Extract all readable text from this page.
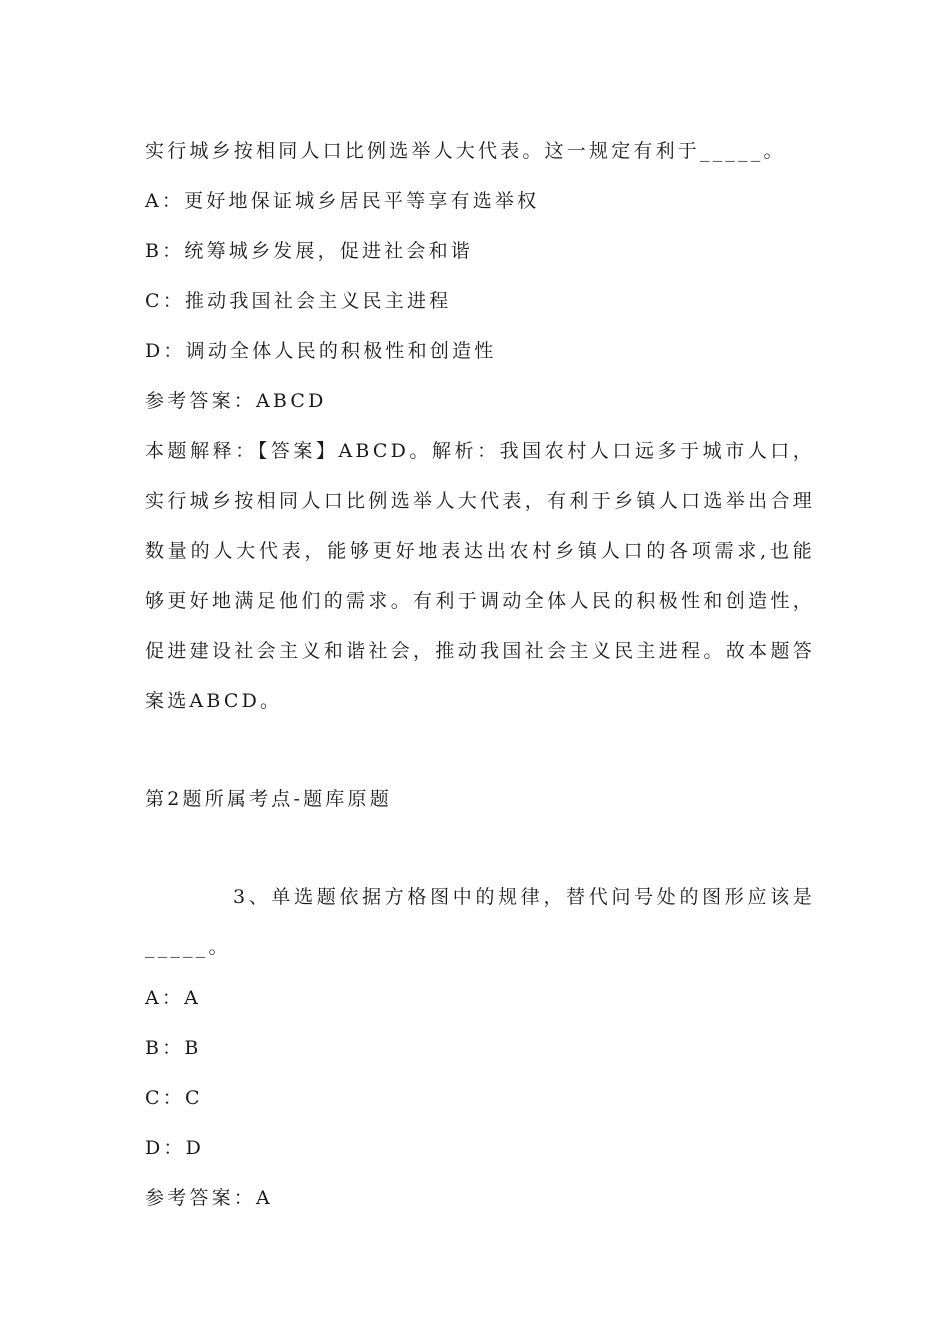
实行城乡按相同人口比例选举人大代表。这一规定有利于_____。
A：更好地保证城乡居民平等享有选举权
B：统筹城乡发展，促进社会和谐
C：推动我国社会主义民主进程
D：调动全体人民的积极性和创造性
参考答案：ABCD
本题解释：【答案】ABCD。解析：我国农村人口远多于城市人口，实行城乡按相同人口比例选举人大代表，有利于乡镇人口选举出合理数量的人大代表，能够更好地表达出农村乡镇人口的各项需求,也能够更好地满足他们的需求。有利于调动全体人民的积极性和创造性，促进建设社会主义和谐社会，推动我国社会主义民主进程。故本题答案选ABCD。
第2题所属考点-题库原题
3、单选题依据方格图中的规律，替代问号处的图形应该是_____。
A：A
B：B
C：C
D：D
参考答案：A
